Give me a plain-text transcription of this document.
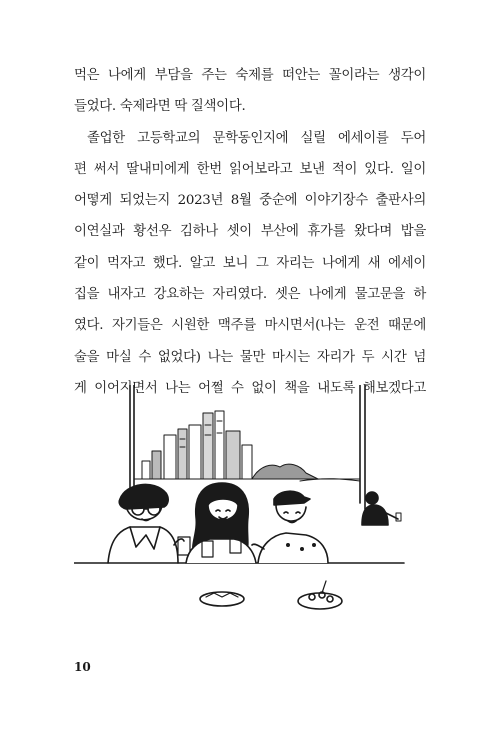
먹은 나에게 부담을 주는 숙제를 떠안는 꼴이라는 생각이
들었다. 숙제라면 딱 질색이다.
졸업한 고등학교의 문학동인지에 실릴 에세이를 두어
편 써서 딸내미에게 한번 읽어보라고 보낸 적이 있다. 일이
어떻게 되었는지 2023년 8월 중순에 이야기장수 출판사의
이연실과 황선우 김하나 셋이 부산에 휴가를 왔다며 밥을
같이 먹자고 했다. 알고 보니 그 자리는 나에게 새 에세이
집을 내자고 강요하는 자리였다. 셋은 나에게 물고문을 하
였다. 자기들은 시원한 맥주를 마시면서(나는 운전 때문에
술을 마실 수 없었다) 나는 물만 마시는 자리가 두 시간 넘
게 이어지면서 나는 어쩔 수 없이 책을 내도록 해보겠다고
10
